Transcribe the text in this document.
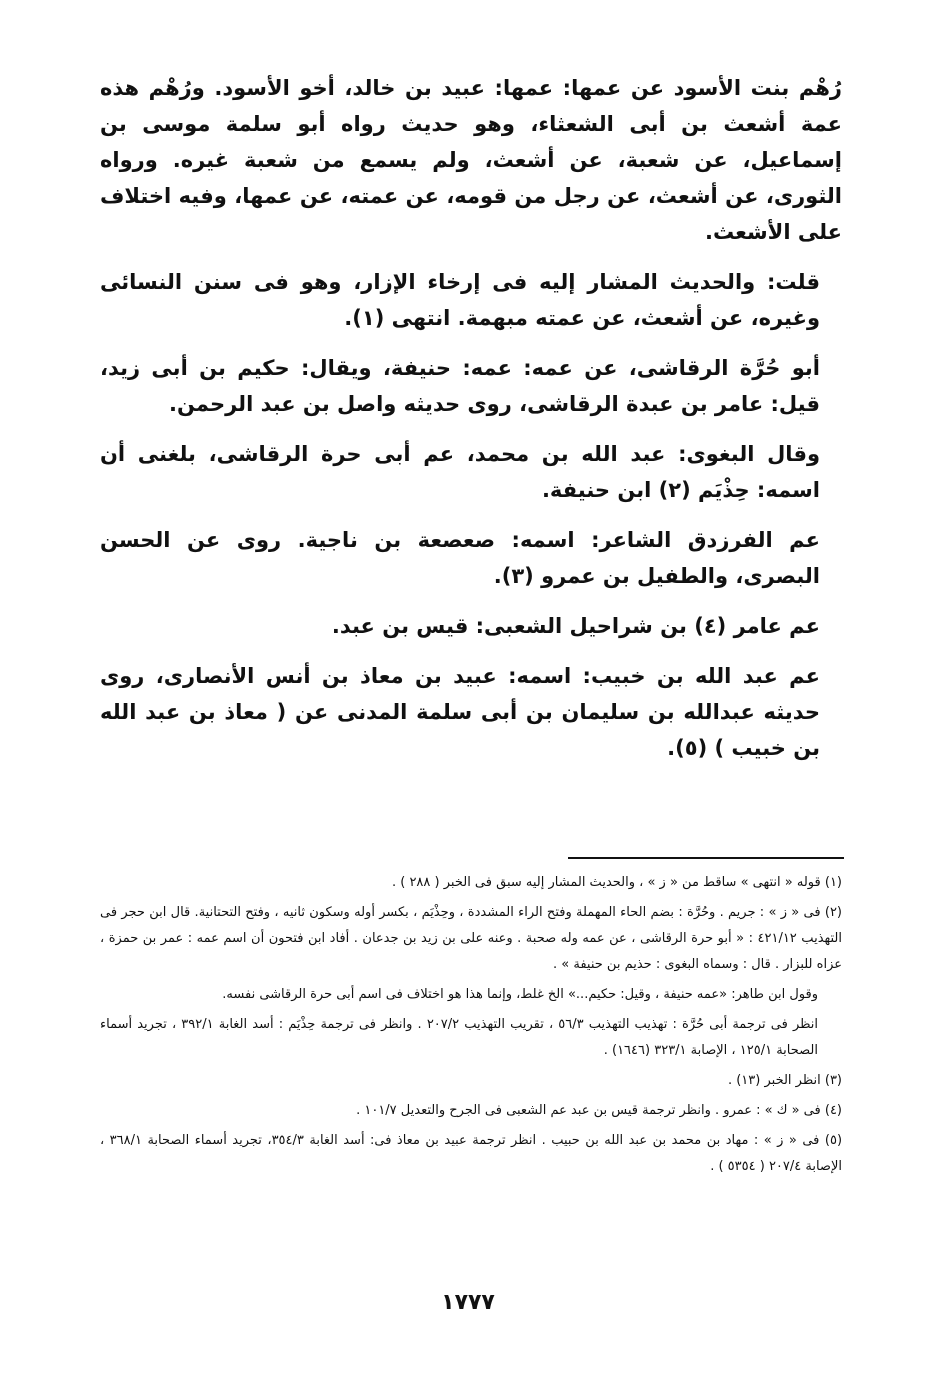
رُهْم بنت الأسود عن عمها: عمها: عبيد بن خالد، أخو الأسود. ورُهْم هذه عمة أشعث بن أبى الشعثاء، وهو حديث رواه أبو سلمة موسى بن إسماعيل، عن شعبة، عن أشعث، ولم يسمع من شعبة غيره. ورواه الثورى، عن أشعث، عن رجل من قومه، عن عمته، عن عمها، وفيه اختلاف على الأشعث.

قلت: والحديث المشار إليه فى إرخاء الإزار، وهو فى سنن النسائى وغيره، عن أشعث، عن عمته مبهمة. انتهى (١).

أبو حُرَّة الرقاشى، عن عمه: عمه: حنيفة، ويقال: حكيم بن أبى زيد، قيل: عامر بن عبدة الرقاشى، روى حديثه واصل بن عبد الرحمن.

وقال البغوى: عبد الله بن محمد، عم أبى حرة الرقاشى، بلغنى أن اسمه: حِذْيَم (٢) ابن حنيفة.

عم الفرزدق الشاعر: اسمه: صعصعة بن ناجية. روى عن الحسن البصرى، والطفيل بن عمرو (٣).

عم عامر (٤) بن شراحيل الشعبى: قيس بن عبد.

عم عبد الله بن خبيب: اسمه: عبيد بن معاذ بن أنس الأنصارى، روى حديثه عبدالله بن سليمان بن أبى سلمة المدنى عن ( معاذ بن عبد الله بن خبيب ) (٥).

(١) قوله « انتهى » ساقط من « ز » ، والحديث المشار إليه سبق فى الخبر ( ٢٨٨ ) .

(٢) فى « ز » : جريم . وحُرَّة : بضم الحاء المهملة وفتح الراء المشددة ، وحِذْيَم ، بكسر أوله وسكون ثانيه ، وفتح التحتانية. قال ابن حجر فى التهذيب ٤٢١/١٢ : « أبو حرة الرقاشى ، عن عمه وله صحبة . وعنه على بن زيد بن جدعان . أفاد ابن فتحون أن اسم عمه : عمر بن حمزة ، عزاه للبزار . قال : وسماه البغوى : حذيم بن حنيفة » .

وقول ابن طاهر: «عمه حنيفة ، وقيل: حكيم...» الخ غلط، وإنما هذا هو اختلاف فى اسم أبى حرة الرقاشى نفسه.

انظر فى ترجمة أبى حُرَّة : تهذيب التهذيب ٥٦/٣ ، تقريب التهذيب ٢٠٧/٢ . وانظر فى ترجمة حِذْيَم : أسد الغابة ٣٩٢/١ ، تجريد أسماء الصحابة ١٢٥/١ ، الإصابة ٣٢٣/١ (١٦٤٦) .

(٣) انظر الخبر (١٣) .

(٤) فى « ك » : عمرو . وانظر ترجمة قيس بن عبد عم الشعبى فى الجرح والتعديل ١٠١/٧ .

(٥) فى « ز » : مهاد بن محمد بن عبد الله بن حبيب . انظر ترجمة عبيد بن معاذ فى: أسد الغابة ٣٥٤/٣، تجريد أسماء الصحابة ٣٦٨/١ ، الإصابة ٢٠٧/٤ ( ٥٣٥٤ ) .

١٧٧٧
